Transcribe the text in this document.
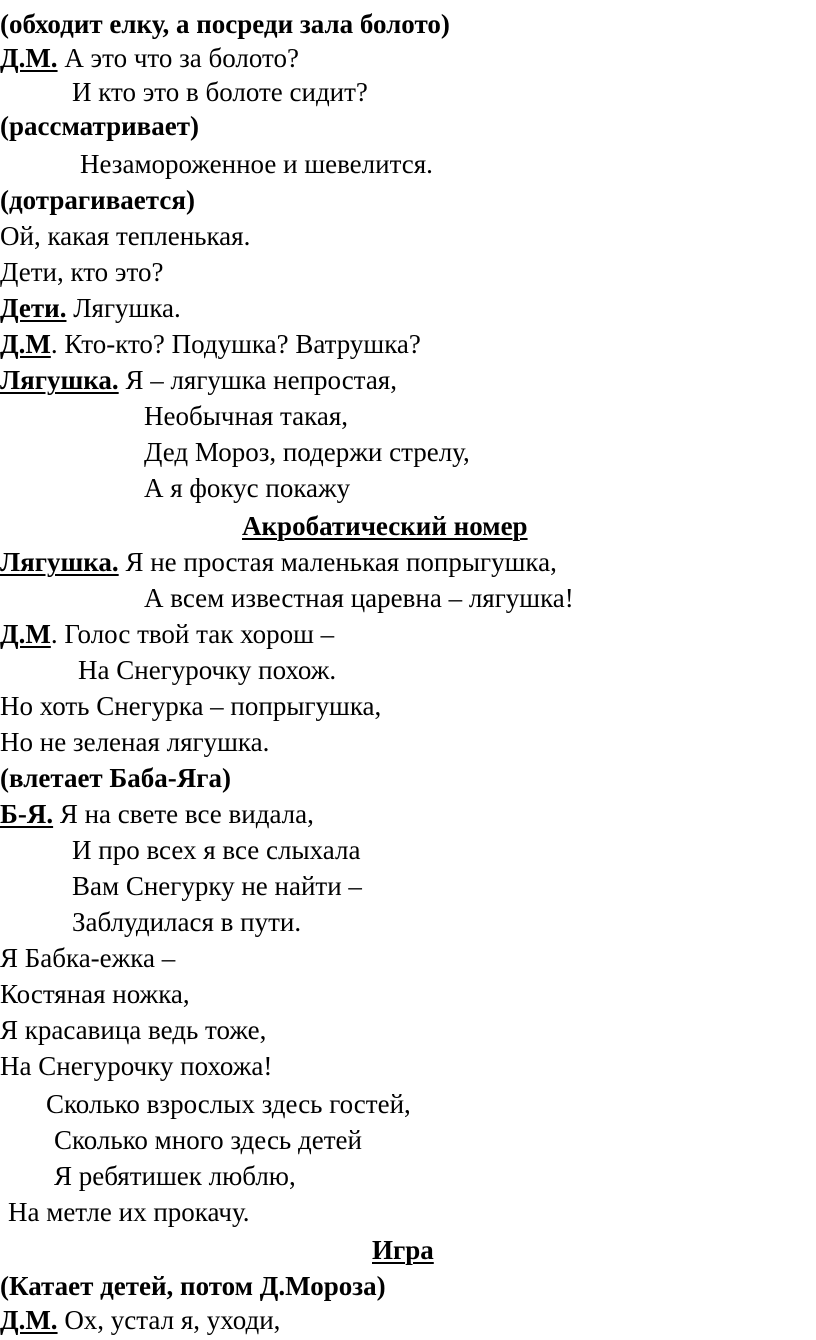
(обходит елку, а посреди зала болото)
Д.М. А это что за болото?
И кто это в болоте сидит?
(рассматривает)
Незамороженное и шевелится.
(дотрагивается)
Ой, какая тепленькая.
Дети, кто это?
Дети. Лягушка.
Д.М. Кто-кто? Подушка? Ватрушка?
Лягушка. Я – лягушка непростая,
Необычная такая,
Дед Мороз, подержи стрелу,
А я фокус покажу
Акробатический номер
Лягушка. Я не простая маленькая попрыгушка,
А всем известная царевна – лягушка!
Д.М. Голос твой так хорош –
На Снегурочку похож.
Но хоть Снегурка – попрыгушка,
Но не зеленая лягушка.
(влетает Баба-Яга)
Б-Я. Я на свете все видала,
И про всех я все слыхала
Вам Снегурку не найти –
Заблудилася в пути.
Я Бабка-ежка –
Костяная ножка,
Я красавица ведь тоже,
На Снегурочку похожа!
Сколько взрослых здесь гостей,
Сколько много здесь детей
Я ребятишек люблю,
На метле их прокачу.
Игра
(Катает детей, потом Д.Мороза)
Д.М. Ох, устал я, уходи,
